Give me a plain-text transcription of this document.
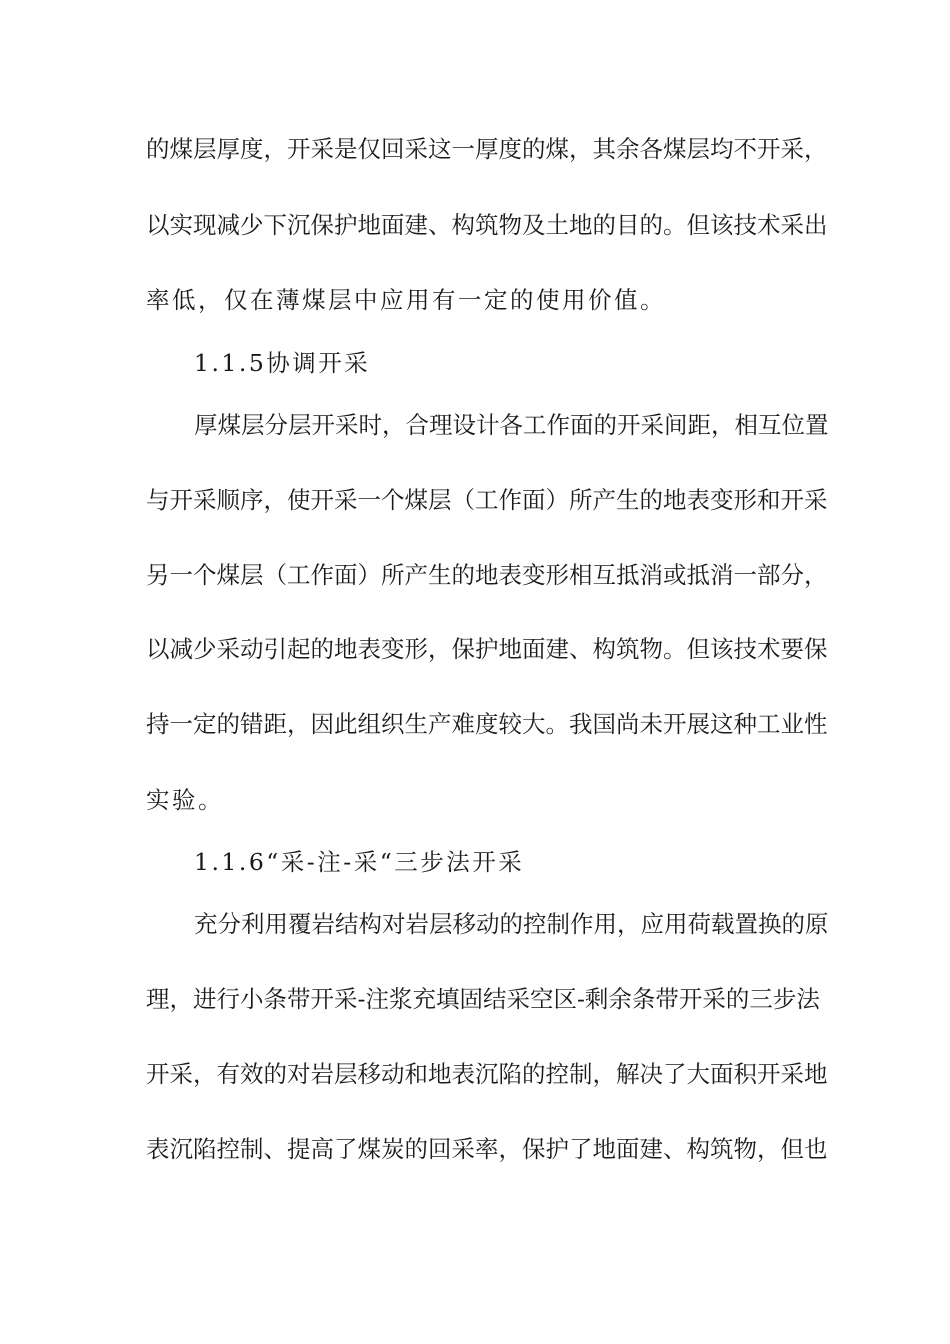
的煤层厚度，开采是仅回采这一厚度的煤，其余各煤层均不开采，
以实现减少下沉保护地面建、构筑物及土地的目的。但该技术采出
率低，仅在薄煤层中应用有一定的使用价值。
1.1.5协调开采
厚煤层分层开采时，合理设计各工作面的开采间距，相互位置
与开采顺序，使开采一个煤层（工作面）所产生的地表变形和开采
另一个煤层（工作面）所产生的地表变形相互抵消或抵消一部分，
以减少采动引起的地表变形，保护地面建、构筑物。但该技术要保
持一定的错距，因此组织生产难度较大。我国尚未开展这种工业性
实验。
1.1.6“采-注-采“三步法开采
充分利用覆岩结构对岩层移动的控制作用，应用荷载置换的原
理，进行小条带开采-注浆充填固结采空区-剩余条带开采的三步法
开采，有效的对岩层移动和地表沉陷的控制，解决了大面积开采地
表沉陷控制、提高了煤炭的回采率，保护了地面建、构筑物，但也
